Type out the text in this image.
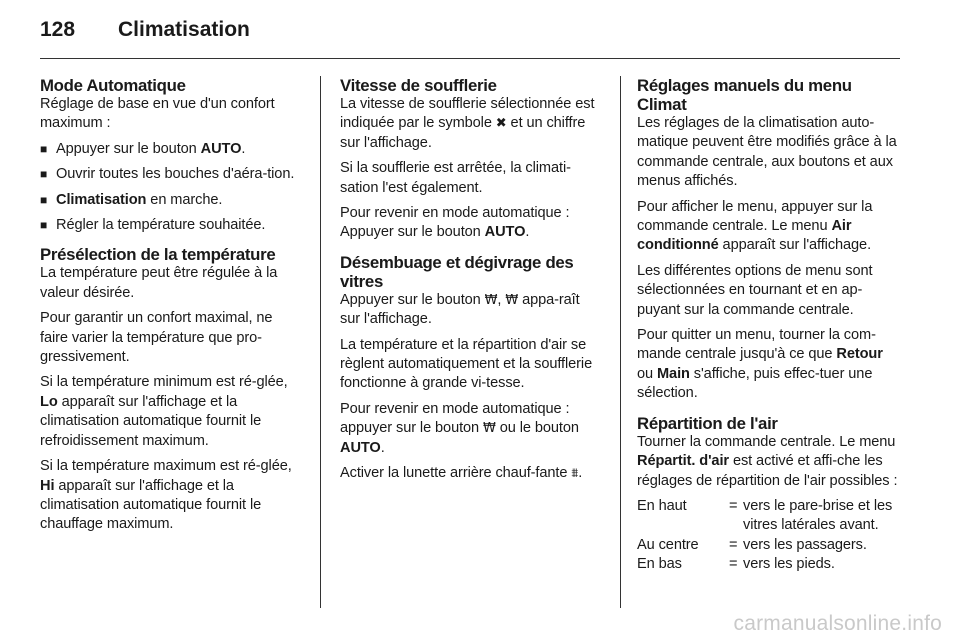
128 Climatisation
Mode Automatique

Réglage de base en vue d'un confort maximum :

■ Appuyer sur le bouton AUTO.
■ Ouvrir toutes les bouches d'aéra-tion.
■ Climatisation en marche.
■ Régler la température souhaitée.
Présélection de la température

La température peut être régulée à la valeur désirée.

Pour garantir un confort maximal, ne faire varier la température que pro-gressivement.

Si la température minimum est ré-glée, Lo apparaît sur l'affichage et la climatisation automatique fournit le refroidissement maximum.

Si la température maximum est ré-glée, Hi apparaît sur l'affichage et la climatisation automatique fournit le chauffage maximum.

Vitesse de soufflerie

La vitesse de soufflerie sélectionnée est indiquée par le symbole ✖ et un chiffre sur l'affichage.

Si la soufflerie est arrêtée, la climati-sation l'est également.

Pour revenir en mode automatique : Appuyer sur le bouton AUTO.

Désembuage et dégivrage des vitres

Appuyer sur le bouton ₩, ₩ appa-raît sur l'affichage.

La température et la répartition d'air se règlent automatiquement et la soufflerie fonctionne à grande vi-tesse.

Pour revenir en mode automatique : appuyer sur le bouton ₩ ou le bouton AUTO.

Activer la lunette arrière chauf-fante ⩩.

Réglages manuels du menu Climat

Les réglages de la climatisation auto-matique peuvent être modifiés grâce à la commande centrale, aux boutons et aux menus affichés.

Pour afficher le menu, appuyer sur la commande centrale. Le menu Air conditionné apparaît sur l'affichage.

Les différentes options de menu sont sélectionnées en tournant et en ap-puyant sur la commande centrale.

Pour quitter un menu, tourner la com-mande centrale jusqu'à ce que Retour ou Main s'affiche, puis effec-tuer une sélection.

Répartition de l'air

Tourner la commande centrale. Le menu Répartit. d'air est activé et affi-che les réglages de répartition de l'air possibles :

En haut	=	vers le pare-brise et les vitres latérales avant.
Au centre	=	vers les passagers.
En bas	=	vers les pieds.
carmanualsonline.info
